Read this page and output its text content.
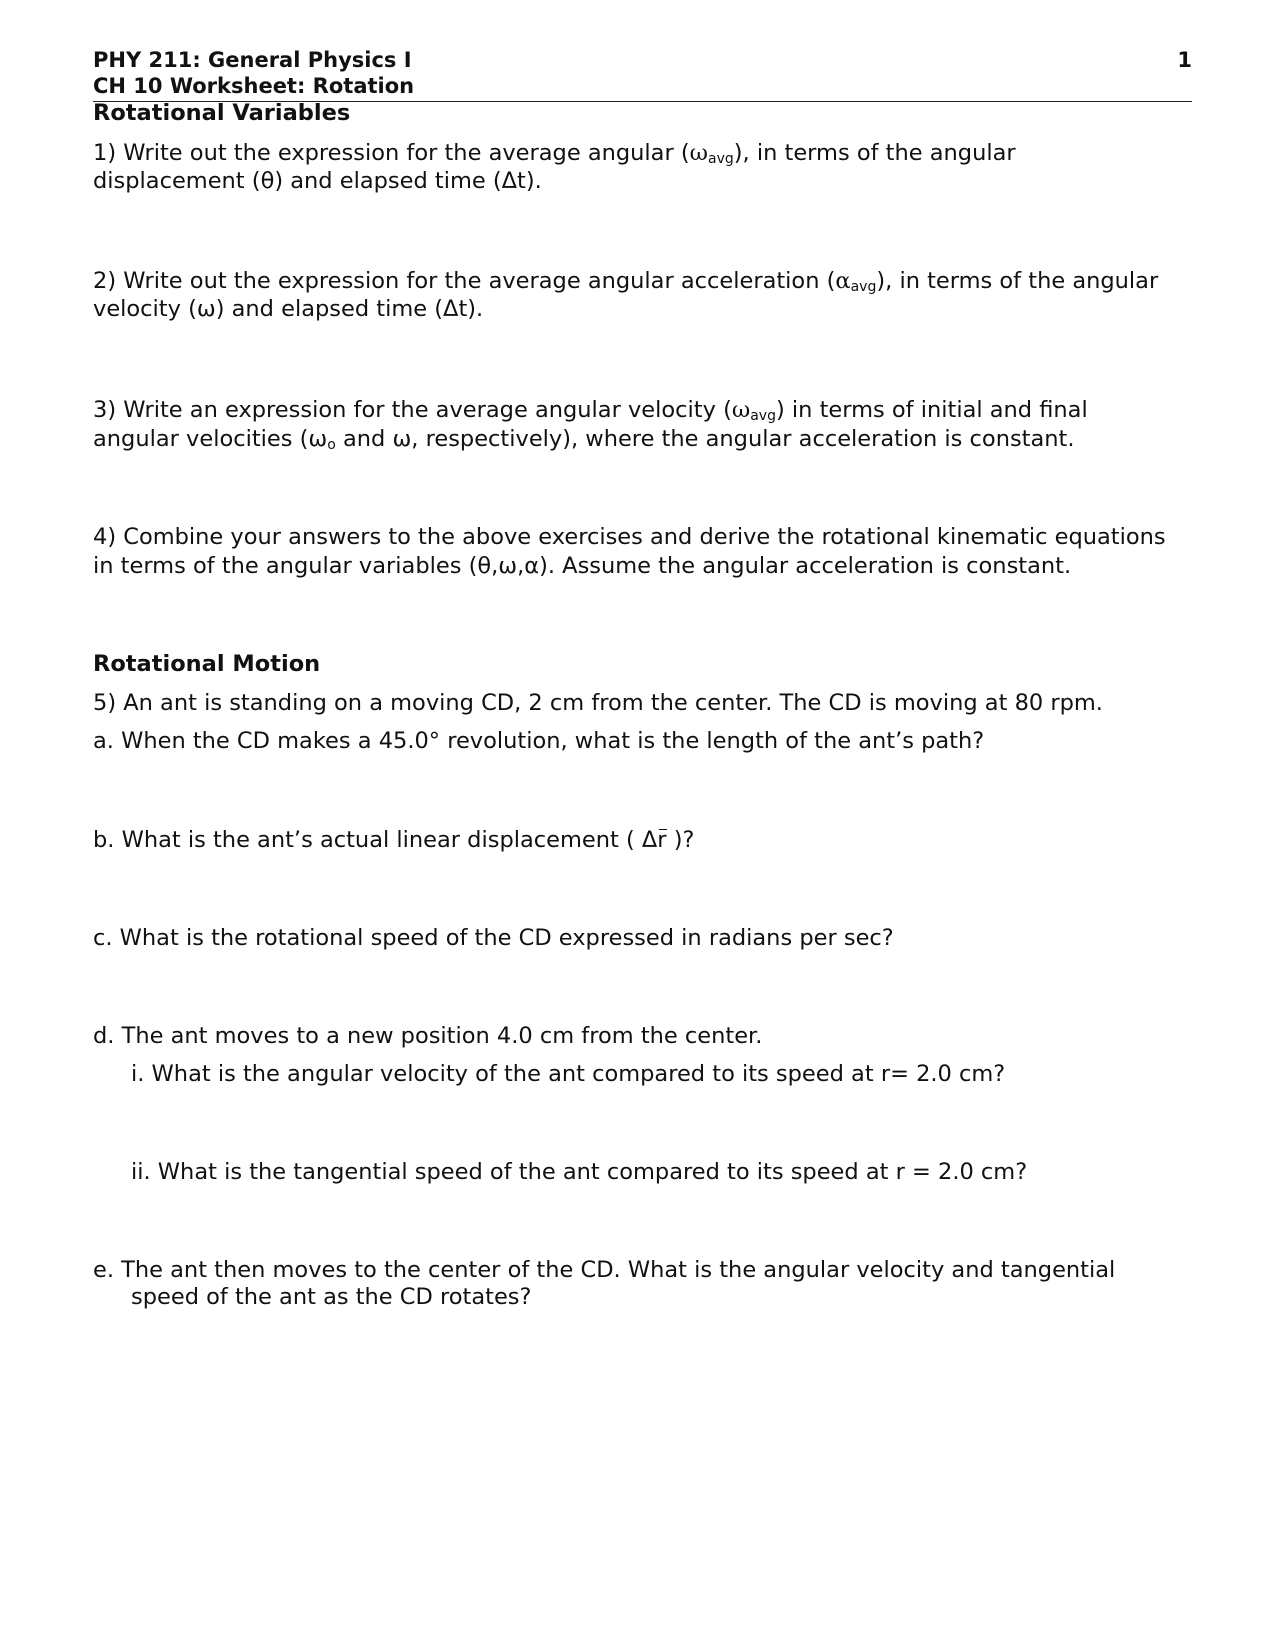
PHY 211: General Physics I
CH 10 Worksheet: Rotation
1
Rotational Variables
1) Write out the expression for the average angular $(\omega_{avg})$, in terms of the angular
displacement (θ) and elapsed time (Δt).
2) Write out the expression for the average angular acceleration $(\alpha_{avg})$, in terms of the angular
velocity (ω) and elapsed time (Δt).
3) Write an expression for the average angular velocity $(\omega_{avg})$ in terms of initial and final
angular velocities ($\omega_o$ and ω, respectively), where the angular acceleration is constant.
4) Combine your answers to the above exercises and derive the rotational kinematic equations
in terms of the angular variables (θ,ω,α). Assume the angular acceleration is constant.
Rotational Motion
5) An ant is standing on a moving CD, 2 cm from the center. The CD is moving at 80 rpm.
a. When the CD makes a 45.0° revolution, what is the length of the ant’s path?
b. What is the ant’s actual linear displacement ( Δr )?
c. What is the rotational speed of the CD expressed in radians per sec?
d. The ant moves to a new position 4.0 cm from the center.
i. What is the angular velocity of the ant compared to its speed at r= 2.0 cm?
ii. What is the tangential speed of the ant compared to its speed at r = 2.0 cm?
e. The ant then moves to the center of the CD. What is the angular velocity and tangential
speed of the ant as the CD rotates?
